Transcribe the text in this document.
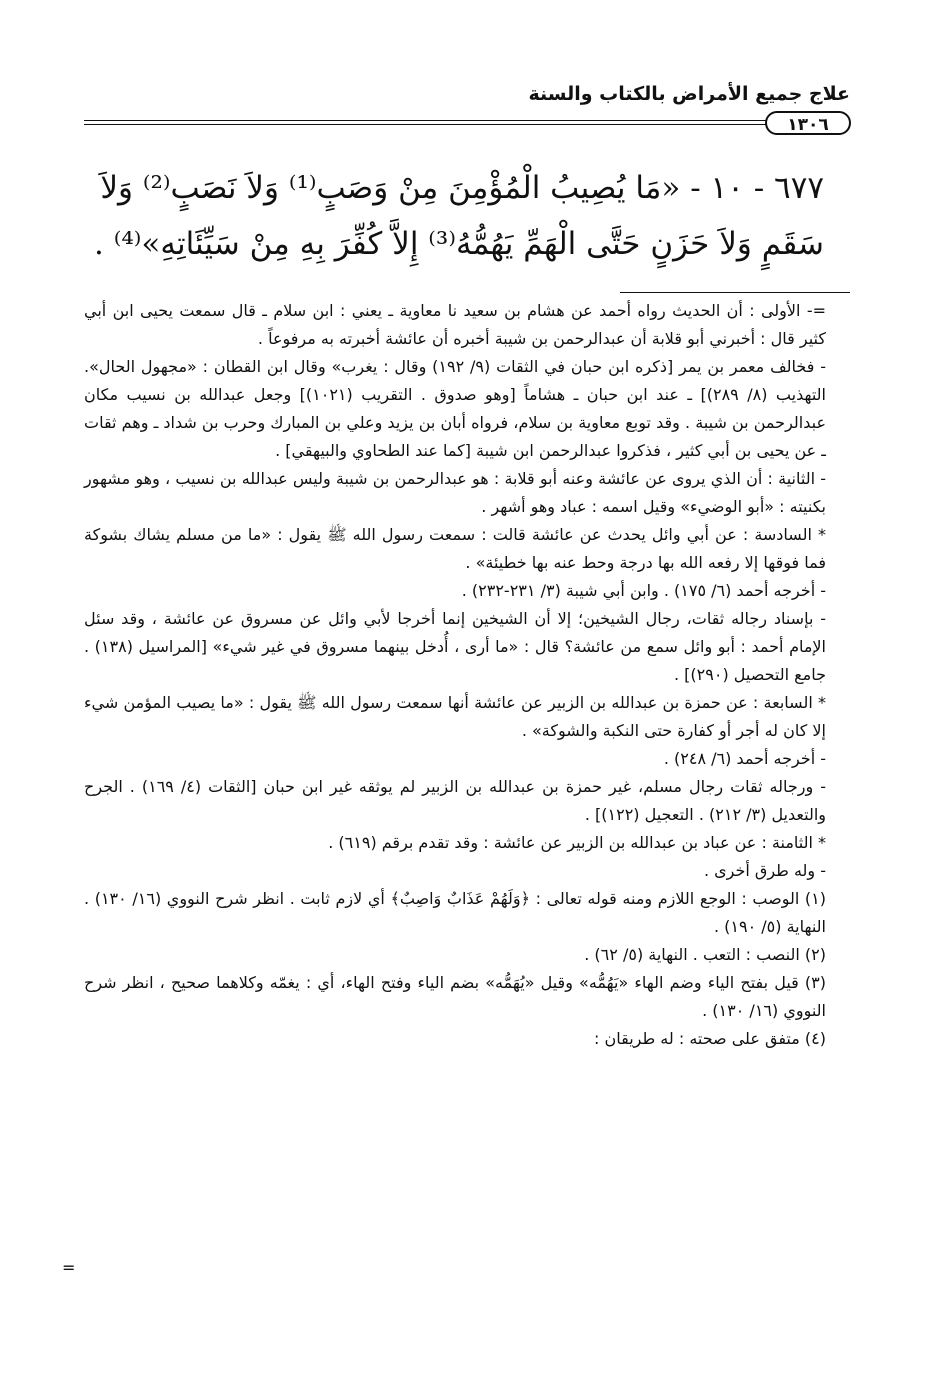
علاج جميع الأمراض بالكتاب والسنة
١٣٠٦
٦٧٧ - ١٠ - «مَا يُصِيبُ الْمُؤْمِنَ مِنْ وَصَبٍ⁽¹⁾ وَلاَ نَصَبٍ⁽²⁾ وَلاَ
سَقَمٍ وَلاَ حَزَنٍ حَتَّى الْهَمِّ يَهُمُّهُ⁽³⁾ إِلاَّ كُفِّرَ بِهِ مِنْ سَيِّئَاتِهِ»⁽⁴⁾ .

=- الأولى : أن الحديث رواه أحمد عن هشام بن سعيد نا معاوية ـ يعني : ابن سلام ـ قال سمعت يحيى ابن أبي كثير قال : أخبرني أبو قلابة أن عبدالرحمن بن شيبة أخبره أن عائشة أخبرته به مرفوعاً .

- فخالف معمر بن يمر [ذكره ابن حبان في الثقات (٩/ ١٩٢) وقال : يغرب» وقال ابن القطان : «مجهول الحال». التهذيب (٨/ ٢٨٩)] ـ عند ابن حبان ـ هشاماً [وهو صدوق . التقريب (١٠٢١)] وجعل عبدالله بن نسيب مكان عبدالرحمن بن شيبة . وقد توبع معاوية بن سلام، فرواه أبان بن يزيد وعلي بن المبارك وحرب بن شداد ـ وهم ثقات ـ عن يحيى بن أبي كثير ، فذكروا عبدالرحمن ابن شيبة [كما عند الطحاوي والبيهقي] .

- الثانية : أن الذي يروى عن عائشة وعنه أبو قلابة : هو عبدالرحمن بن شيبة وليس عبدالله بن نسيب ، وهو مشهور بكنيته : «أبو الوضيء» وقيل اسمه : عباد وهو أشهر .

* السادسة : عن أبي وائل يحدث عن عائشة قالت : سمعت رسول الله ﷺ يقول : «ما من مسلم يشاك بشوكة فما فوقها إلا رفعه الله بها درجة وحط عنه بها خطيئة» .

- أخرجه أحمد (٦/ ١٧٥) . وابن أبي شيبة (٣/ ٢٣١-٢٣٢) .

- بإسناد رجاله ثقات، رجال الشيخين؛ إلا أن الشيخين إنما أخرجا لأبي وائل عن مسروق عن عائشة ، وقد سئل الإمام أحمد : أبو وائل سمع من عائشة؟ قال : «ما أرى ، أُدخل بينهما مسروق في غير شيء» [المراسيل (١٣٨) . جامع التحصيل (٢٩٠)] .

* السابعة : عن حمزة بن عبدالله بن الزبير عن عائشة أنها سمعت رسول الله ﷺ يقول : «ما يصيب المؤمن شيء إلا كان له أجر أو كفارة حتى النكبة والشوكة» .

- أخرجه أحمد (٦/ ٢٤٨) .

- ورجاله ثقات رجال مسلم، غير حمزة بن عبدالله بن الزبير لم يوثقه غير ابن حبان [الثقات (٤/ ١٦٩) . الجرح والتعديل (٣/ ٢١٢) . التعجيل (١٢٢)] .

* الثامنة : عن عباد بن عبدالله بن الزبير عن عائشة : وقد تقدم برقم (٦١٩) .

- وله طرق أخرى .

(١) الوصب : الوجع اللازم ومنه قوله تعالى : ﴿وَلَهُمْ عَذَابٌ وَاصِبٌ﴾ أي لازم ثابت . انظر شرح النووي (١٦/ ١٣٠) . النهاية (٥/ ١٩٠) .

(٢) النصب : التعب . النهاية (٥/ ٦٢) .

(٣) قيل بفتح الياء وضم الهاء «يَهُمُّه» وقيل «يُهَمُّه» بضم الياء وفتح الهاء، أي : يغمّه وكلاهما صحيح ، انظر شرح النووي (١٦/ ١٣٠) .

(٤) متفق على صحته : له طريقان :

=
